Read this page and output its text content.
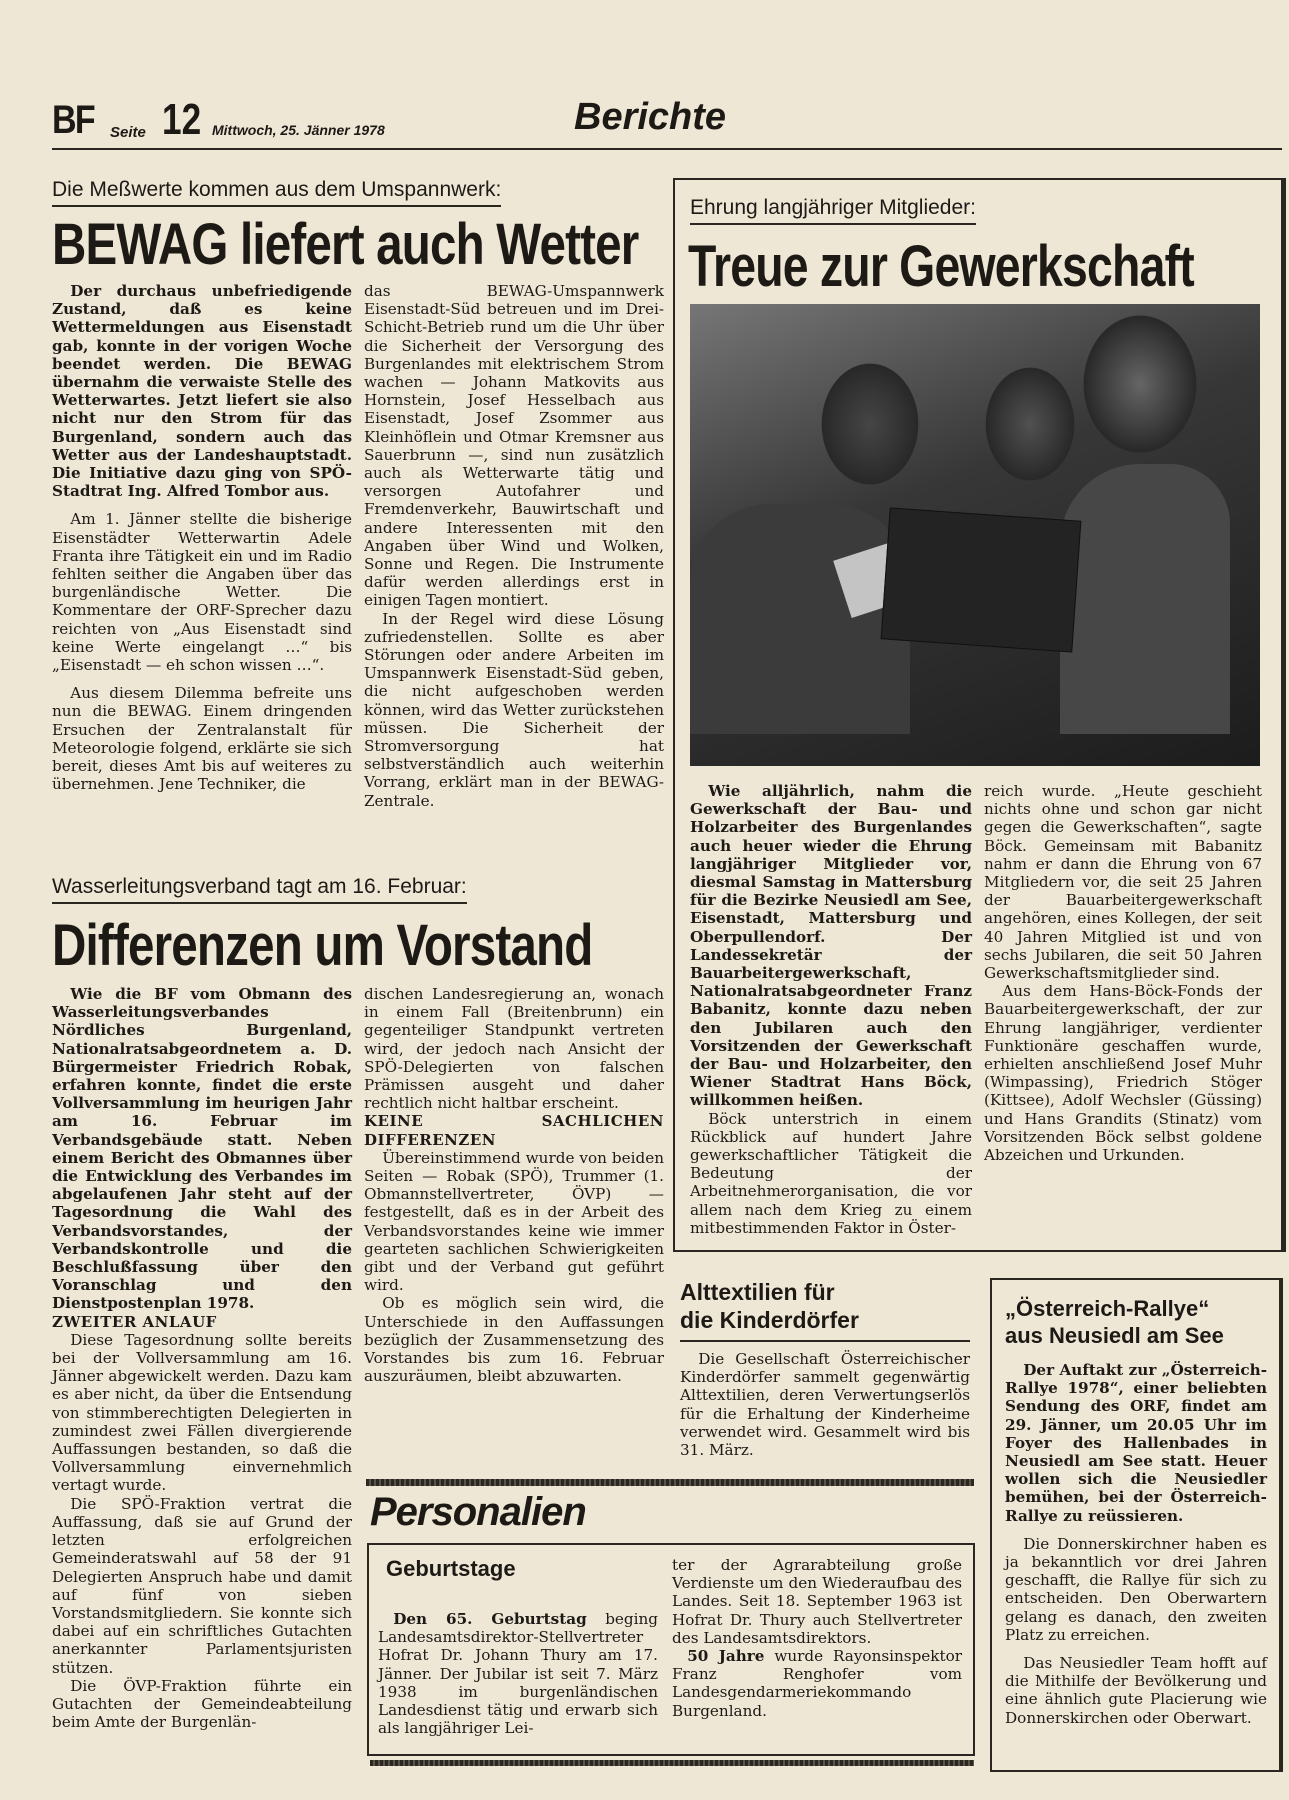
BF Seite 12 Mittwoch, 25. Jänner 1978	Berichte
Die Meßwerte kommen aus dem Umspannwerk:
BEWAG liefert auch Wetter

Der durchaus unbefriedigende Zustand, daß es keine Wettermeldungen aus Eisenstadt gab, konnte in der vorigen Woche beendet werden. Die BEWAG übernahm die verwaiste Stelle des Wetterwartes. Jetzt liefert sie also nicht nur den Strom für das Burgenland, sondern auch das Wetter aus der Landeshauptstadt. Die Initiative dazu ging von SPÖ-Stadtrat Ing. Alfred Tombor aus.

Am 1. Jänner stellte die bisherige Eisenstädter Wetterwartin Adele Franta ihre Tätigkeit ein und im Radio fehlten seither die Angaben über das burgenländische Wetter. Die Kommentare der ORF-Sprecher dazu reichten von „Aus Eisenstadt sind keine Werte eingelangt …“ bis „Eisenstadt — eh schon wissen …“.

Aus diesem Dilemma befreite uns nun die BEWAG. Einem dringenden Ersuchen der Zentralanstalt für Meteorologie folgend, erklärte sie sich bereit, dieses Amt bis auf weiteres zu übernehmen. Jene Techniker, die

das BEWAG-Umspannwerk Eisenstadt-Süd betreuen und im Drei-Schicht-Betrieb rund um die Uhr über die Sicherheit der Versorgung des Burgenlandes mit elektrischem Strom wachen — Johann Matkovits aus Hornstein, Josef Hesselbach aus Eisenstadt, Josef Zsommer aus Kleinhöflein und Otmar Kremsner aus Sauerbrunn —, sind nun zusätzlich auch als Wetterwarte tätig und versorgen Autofahrer und Fremdenverkehr, Bauwirtschaft und andere Interessenten mit den Angaben über Wind und Wolken, Sonne und Regen. Die Instrumente dafür werden allerdings erst in einigen Tagen montiert.

In der Regel wird diese Lösung zufriedenstellen. Sollte es aber Störungen oder andere Arbeiten im Umspannwerk Eisenstadt-Süd geben, die nicht aufgeschoben werden können, wird das Wetter zurückstehen müssen. Die Sicherheit der Stromversorgung hat selbstverständlich auch weiterhin Vorrang, erklärt man in der BEWAG-Zentrale.

Wasserleitungsverband tagt am 16. Februar:
Differenzen um Vorstand

Wie die BF vom Obmann des Wasserleitungsverbandes Nördliches Burgenland, Nationalratsabgeordnetem a. D. Bürgermeister Friedrich Robak, erfahren konnte, findet die erste Vollversammlung im heurigen Jahr am 16. Februar im Verbandsgebäude statt. Neben einem Bericht des Obmannes über die Entwicklung des Verbandes im abgelaufenen Jahr steht auf der Tagesordnung die Wahl des Verbandsvorstandes, der Verbandskontrolle und die Beschlußfassung über den Voranschlag und den Dienstpostenplan 1978.

ZWEITER ANLAUF

Diese Tagesordnung sollte bereits bei der Vollversammlung am 16. Jänner abgewickelt werden. Dazu kam es aber nicht, da über die Entsendung von stimmberechtigten Delegierten in zumindest zwei Fällen divergierende Auffassungen bestanden, so daß die Vollversammlung einvernehmlich vertagt wurde.

Die SPÖ-Fraktion vertrat die Auffassung, daß sie auf Grund der letzten erfolgreichen Gemeinderatswahl auf 58 der 91 Delegierten Anspruch habe und damit auf fünf von sieben Vorstandsmitgliedern. Sie konnte sich dabei auf ein schriftliches Gutachten anerkannter Parlamentsjuristen stützen.

Die ÖVP-Fraktion führte ein Gutachten der Gemeindeabteilung beim Amte der Burgenlän-

dischen Landesregierung an, wonach in einem Fall (Breitenbrunn) ein gegenteiliger Standpunkt vertreten wird, der jedoch nach Ansicht der SPÖ-Delegierten von falschen Prämissen ausgeht und daher rechtlich nicht haltbar erscheint.

KEINE SACHLICHEN DIFFERENZEN

Übereinstimmend wurde von beiden Seiten — Robak (SPÖ), Trummer (1. Obmannstellvertreter, ÖVP) — festgestellt, daß es in der Arbeit des Verbandsvorstandes keine wie immer gearteten sachlichen Schwierigkeiten gibt und der Verband gut geführt wird.

Ob es möglich sein wird, die Unterschiede in den Auffassungen bezüglich der Zusammensetzung des Vorstandes bis zum 16. Februar auszuräumen, bleibt abzuwarten.

Ehrung langjähriger Mitglieder:
Treue zur Gewerkschaft

Wie alljährlich, nahm die Gewerkschaft der Bau- und Holzarbeiter des Burgenlandes auch heuer wieder die Ehrung langjähriger Mitglieder vor, diesmal Samstag in Mattersburg für die Bezirke Neusiedl am See, Eisenstadt, Mattersburg und Oberpullendorf. Der Landessekretär der Bauarbeitergewerkschaft, Nationalratsabgeordneter Franz Babanitz, konnte dazu neben den Jubilaren auch den Vorsitzenden der Gewerkschaft der Bau- und Holzarbeiter, den Wiener Stadtrat Hans Böck, willkommen heißen.

Böck unterstrich in einem Rückblick auf hundert Jahre gewerkschaftlicher Tätigkeit die Bedeutung der Arbeitnehmerorganisation, die vor allem nach dem Krieg zu einem mitbestimmenden Faktor in Öster-

reich wurde. „Heute geschieht nichts ohne und schon gar nicht gegen die Gewerkschaften“, sagte Böck. Gemeinsam mit Babanitz nahm er dann die Ehrung von 67 Mitgliedern vor, die seit 25 Jahren der Bauarbeitergewerkschaft angehören, eines Kollegen, der seit 40 Jahren Mitglied ist und von sechs Jubilaren, die seit 50 Jahren Gewerkschaftsmitglieder sind.

Aus dem Hans-Böck-Fonds der Bauarbeitergewerkschaft, der zur Ehrung langjähriger, verdienter Funktionäre geschaffen wurde, erhielten anschließend Josef Muhr (Wimpassing), Friedrich Stöger (Kittsee), Adolf Wechsler (Güssing) und Hans Grandits (Stinatz) vom Vorsitzenden Böck selbst goldene Abzeichen und Urkunden.

Alttextilien für
die Kinderdörfer

Die Gesellschaft Österreichischer Kinderdörfer sammelt gegenwärtig Alttextilien, deren Verwertungserlös für die Erhaltung der Kinderheime verwendet wird. Gesammelt wird bis 31. März.

„Österreich-Rallye“
aus Neusiedl am See

Der Auftakt zur „Österreich-Rallye 1978“, einer beliebten Sendung des ORF, findet am 29. Jänner, um 20.05 Uhr im Foyer des Hallenbades in Neusiedl am See statt. Heuer wollen sich die Neusiedler bemühen, bei der Österreich-Rallye zu reüssieren.

Die Donnerskirchner haben es ja bekanntlich vor drei Jahren geschafft, die Rallye für sich zu entscheiden. Den Oberwartern gelang es danach, den zweiten Platz zu erreichen.

Das Neusiedler Team hofft auf die Mithilfe der Bevölkerung und eine ähnlich gute Placierung wie Donnerskirchen oder Oberwart.

Personalien
Geburtstage

Den 65. Geburtstag beging Landesamtsdirektor-Stellvertreter Hofrat Dr. Johann Thury am 17. Jänner. Der Jubilar ist seit 7. März 1938 im burgenländischen Landesdienst tätig und erwarb sich als langjähriger Lei-

ter der Agrarabteilung große Verdienste um den Wiederaufbau des Landes. Seit 18. September 1963 ist Hofrat Dr. Thury auch Stellvertreter des Landesamtsdirektors.

50 Jahre wurde Rayonsinspektor Franz Renghofer vom Landesgendarmeriekommando Burgenland.
